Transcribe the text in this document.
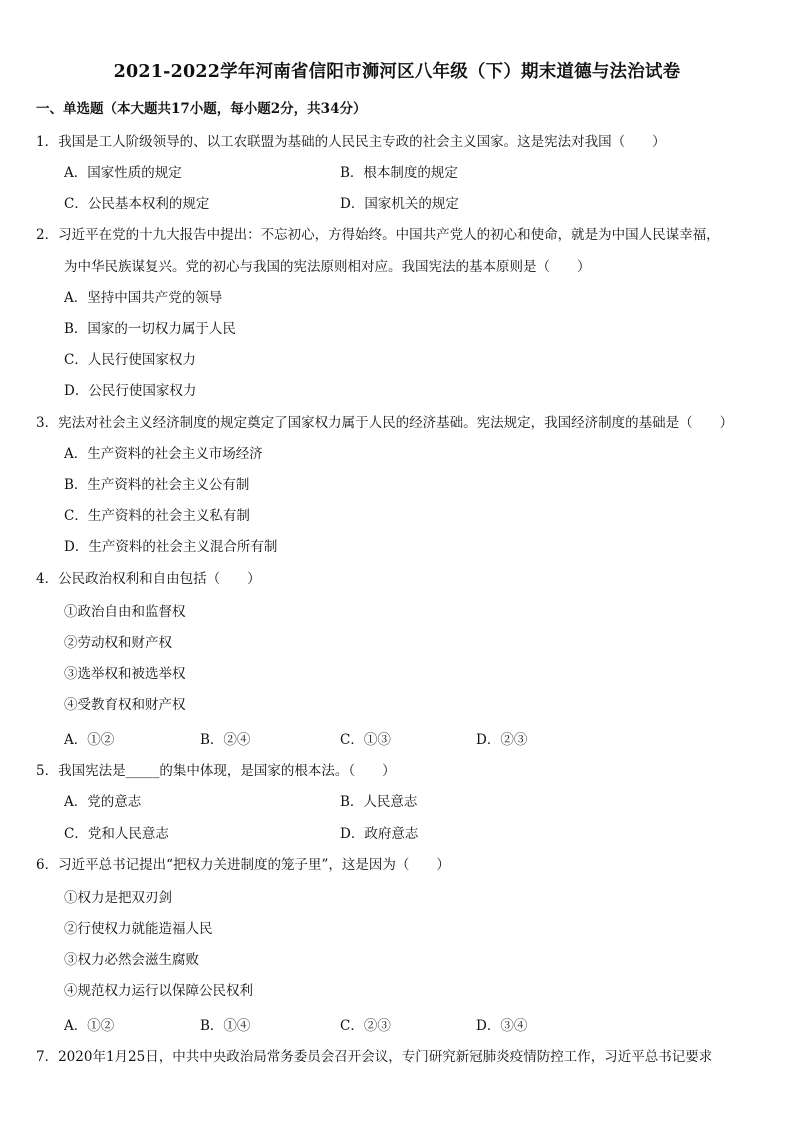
2021-2022学年河南省信阳市浉河区八年级（下）期末道德与法治试卷
一、单选题（本大题共17小题，每小题2分，共34分）
1．我国是工人阶级领导的、以工农联盟为基础的人民民主专政的社会主义国家。这是宪法对我国（　　）
A．国家性质的规定	B．根本制度的规定
C．公民基本权利的规定	D．国家机关的规定
2．习近平在党的十九大报告中提出：不忘初心，方得始终。中国共产党人的初心和使命，就是为中国人民谋幸福，
为中华民族谋复兴。党的初心与我国的宪法原则相对应。我国宪法的基本原则是（　　）
A．坚持中国共产党的领导
B．国家的一切权力属于人民
C．人民行使国家权力
D．公民行使国家权力
3．宪法对社会主义经济制度的规定奠定了国家权力属于人民的经济基础。宪法规定，我国经济制度的基础是（　　）
A．生产资料的社会主义市场经济
B．生产资料的社会主义公有制
C．生产资料的社会主义私有制
D．生产资料的社会主义混合所有制
4．公民政治权利和自由包括（　　）
①政治自由和监督权
②劳动权和财产权
③选举权和被选举权
④受教育权和财产权
A．①②	B．②④	C．①③	D．②③
5．我国宪法是_____的集中体现，是国家的根本法。（　　）
A．党的意志	B．人民意志
C．党和人民意志	D．政府意志
6．习近平总书记提出“把权力关进制度的笼子里”，这是因为（　　）
①权力是把双刃剑
②行使权力就能造福人民
③权力必然会滋生腐败
④规范权力运行以保障公民权利
A．①②	B．①④	C．②③	D．③④
7．2020年1月25日，中共中央政治局常务委员会召开会议，专门研究新冠肺炎疫情防控工作，习近平总书记要求
